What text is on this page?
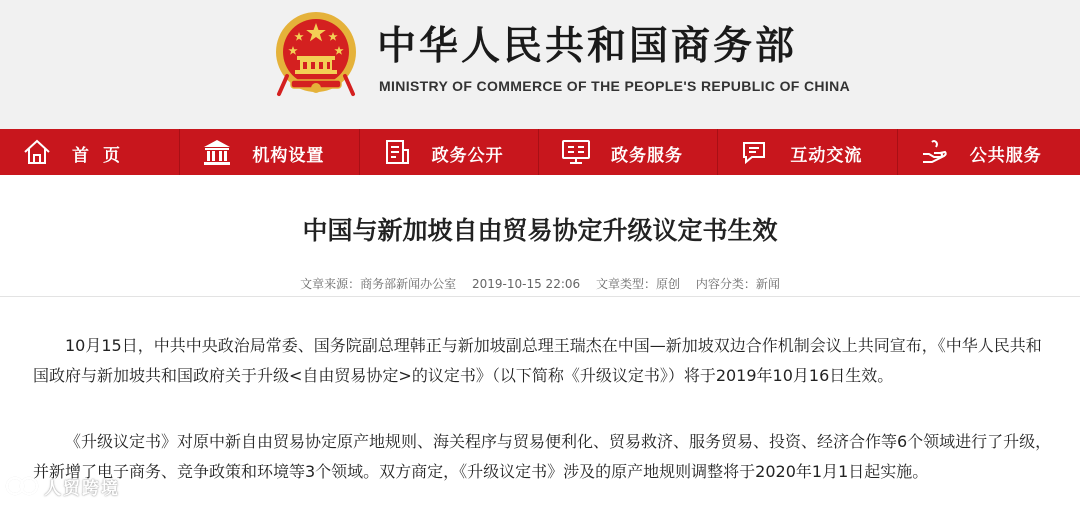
中华人民共和国商务部
MINISTRY OF COMMERCE OF THE PEOPLE'S REPUBLIC OF CHINA
首页	机构设置	政务公开	政务服务	互动交流	公共服务
中国与新加坡自由贸易协定升级议定书生效
文章来源：商务部新闻办公室 2019-10-15 22:06 文章类型：原创 内容分类：新闻

10月15日，中共中央政治局常委、国务院副总理韩正与新加坡副总理王瑞杰在中国—新加坡双边合作机制会议上共同宣布，《中华人民共和国政府与新加坡共和国政府关于升级<自由贸易协定>的议定书》（以下简称《升级议定书》）将于2019年10月16日生效。

《升级议定书》对原中新自由贸易协定原产地规则、海关程序与贸易便利化、贸易救济、服务贸易、投资、经济合作等6个领域进行了升级，并新增了电子商务、竞争政策和环境等3个领域。双方商定，《升级议定书》涉及的原产地规则调整将于2020年1月1日起实施。

人贸跨境
